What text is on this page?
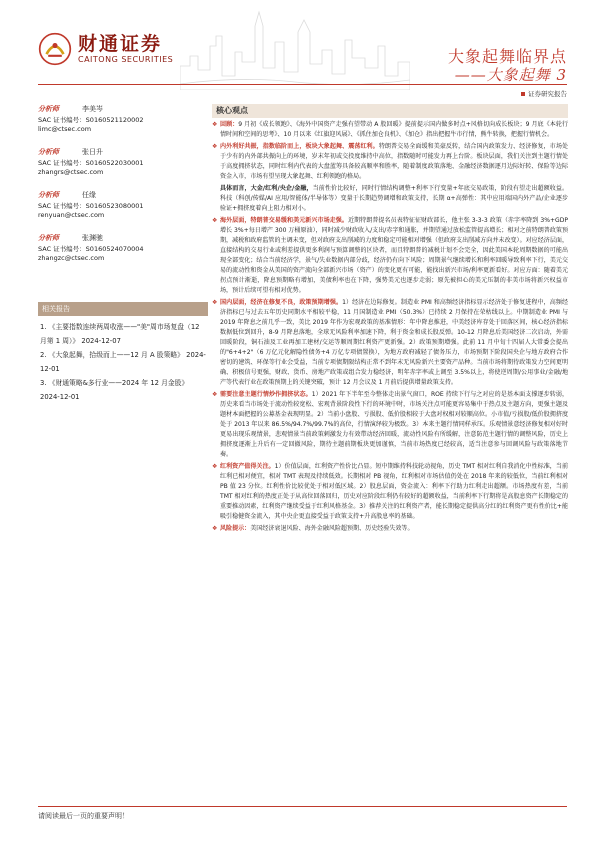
财通证券
CAITONG SECURITIES	大象起舞临界点
——大象起舞 3
证券研究报告
分析师	李美岑
SAC 证书编号：S0160521120002
limc@ctsec.com
分析师	张日升
SAC 证书编号：S0160522030001
zhangrs@ctsec.com
分析师	任缘
SAC 证书编号：S0160523080001
renyuan@ctsec.com
分析师	张渊驰
SAC 证书编号：S0160524070004
zhangzc@ctsec.com
相关报告
1. 《主要指数连续两周收涨——"美"周市场复盘（12 月第 1 周）》 2024-12-07
2. 《大象起舞，拾级而上——12 月 A 股策略》 2024-12-01
3. 《财通策略&多行业——2024 年 12 月金股》 2024-12-01
核心观点
❖ 回顾：9 月初《成长领跑》、《海外中国资产走强有望带动 A 股回暖》提前提示国内做多时点+风格切向成长板块；9 月底《本轮行情时间和空间的思考》、10 月以来《红旗迎风展》、《抓住加仓良机》、《加仓》指出把握牛市行情，熊牛转换，把握行情机会。
❖ 内外利好共振，指数临阶而上，板块大象起舞、震荡红利。特朗普交易全面缓和美豪反转，结合国内政策发力、经济修复，市场处于少有的内外部共振向上的环境，岁末年初或交投度维持中高位，指数随时可能发力再上台阶。板块层面，我们关注到主题行情处于高度拥挤状态，同时红利内代表的大盘蓝筹具备较高顺率和胜率，随着制度政策落地、金融经济数据逐月边际好转、保险等边际资金入市，市场有望呈现大象起舞、红利领跑的格局。
具体而言，大金/红利/央企/金融，当前性价比较好，同时行情结构调整+利率下行变量+年底交易政策，阶段有望走出超额收益。科技（科创/传媒/AI 应用/智能体/半导体等）变量于长期趋势调增和政策支持，长期 α+高弹性：其中应用端国内外产品/企业逐步验证+拥挤度着向上阻力相对小。
❖ 海外层面，特朗普交易缓和美元新兴市场走强。近期特朗普提名员表特征征财政部长，他主张 3-3-3 政策（赤字率降到 3%+GDP 增长 3%+每日增产 300 万桶原油），同时减少财政收入/支出/赤字和通胀，并期望通过放松监管提高增长；相对之前特朗普政策预期，减税和政府监管的主调未变，但对政府支出削减的力度和稳定可能相对增强（但政府支出削减方向并未改变）。对应经济层面，直接结构的交易行业或利差提供更多利润与预算调整的区块者，而且特朗普的减税计划不会完全，因此美国本轮周期数据的可能出现全部变化；结合当前经济学，景气/失业数据内部分歧，经济仍有向下风险；周期景气继续增长和利率回暖导致利率下行，美元交易的流动性和资金从美国的资产流向全部新兴市场（资产）的变化更有可能，能找出新兴市场/利率更新看好。对应方面：随着美元拐点预计渐逝，降息预期略有增加，美债利率也在下降，强势美元也逐步走弱；原先被担心的美元压制的非美市场将新兴权益市场，预计后续可望有相对优势。
❖ 国内层面，经济在修复不良，政策预期增强。1）经济在边际修复。制造业 PMI 和高频经济指标显示经济处于修复进程中，高频经济指标已与过去五年历史同期水平相较平稳，11 月国制造业 PMI（50.3%）已持续 2 月保持在荣枯线以上。中期制造业 PMI 与 2019 年降息之前几乎一致，美比 2019 年作为宏观政策的基准情形：年中降息推进，中美经济库存处于回落区间，核心经济指标数据低位到回升，8-9 月降息落地，全球无风险利率加速下降，利于资金和成长股反弹。10-12 月降息后美国经济二次启动，外需回暖阶段，铜石油及工业再加工建材/交运等顺周期红利资产更新强。2）政策预期增强。此前 11 月中旬十四届人大常委会提出的"6+4+2"（6 万亿元化解隐性债务+4 万亿专项债置换），为地方政府减轻了债务压力，市场预期下阶段国央企与地方政府合作密切的建筑、环保等行业会受益，当前专项债期限结构正常不到年末无风险新兴主要资产品种。当前市场将期待政策发力空间更明确、积极信号更强，财政、货币、房地产政策或组合发力稳经济，明年赤字率或上调至 3.5%以上，将使逆周期/公用事业/金融/地产等代表行业在政策预期上的关键突破，预计 12 月会议及 1 月前后提供增量政策支持。
❖ 需要注意主题行情炒作拥挤状态。1）2021 年下半年至今整体走出景气窗口，ROE 持续下行与之对应的是基本面支撑逐步转弱，历史来看当市场处于流动性较宽松、宏观背景阶段性下行的环境中时，市场关注点可能更容易集中于热点及主题方向，更强主题及题材本面把握的公募基金表现明显。2）当前小盘股、亏损股、低价股相较于大盘对权相对较顺高位。小市值/亏损股/低价股拥挤度处于 2013 年以来 86.5%/94.7%/99.7%的高位，行情演绎较为极致。3）本来主题行情同样承压。乐观情景意经济修复相对好时更易出现乐观情景，悲观情景当前政策刺激发力有效带动经济回暖，流动性风险有所缓解，注意防范主题行情的调整风险，历史上拥挤度逐渐上升后有一定回撤风险，期待主题前期板块更加谨慎，当前市场热度已经较高，适当注意参与回调风险与政策落地节奏。
❖ 红利资产值得关注。1）价值层面，红利资产性价比凸显。短中期维持科技轮动视角，历史 TMT 相对红利自我消化中性标准，当前红利已相对便宜，相对 TMT 表现及持续低效。长期相对 PB 视角，红利相对市场估值仍处在 2018 年来的较低位，当前红利相对 PB 值 23 分位。红利性价比较优处于相对低区域。2）股息层面，资金流入：利率下行助力红利走出超额。市场热度有差，当前 TMT 相对红利的热度正处于从高位回落回归，历史对应阶段红利仍有较好的超额收益，当前利率下行期将是高股息资产长期稳定的重要推动因素，红利资产继续受益于红利风格基金。3）推荐关注的红利资产者，能长期稳定提供高分红的红利资产更有性价比+能吸引稳健资金流入，其中央企更直接受益于政策支持+升高股息率的基础。
❖ 风险提示：美国经济衰退风险、海外金融风险超预期、历史经验失效等。
请阅读最后一页的重要声明！
